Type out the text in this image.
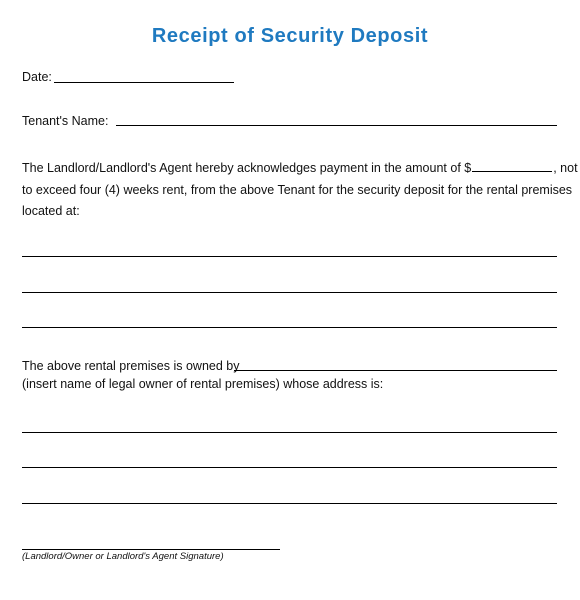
Receipt of Security Deposit
Date:
Tenant's Name:
The Landlord/Landlord's Agent hereby acknowledges payment in the amount of $	, not
to exceed four (4) weeks rent, from the above Tenant for the security deposit for the rental premises
located at:
The above rental premises is owned by
(insert name of legal owner of rental premises) whose address is:
(Landlord/Owner or Landlord's Agent Signature)
